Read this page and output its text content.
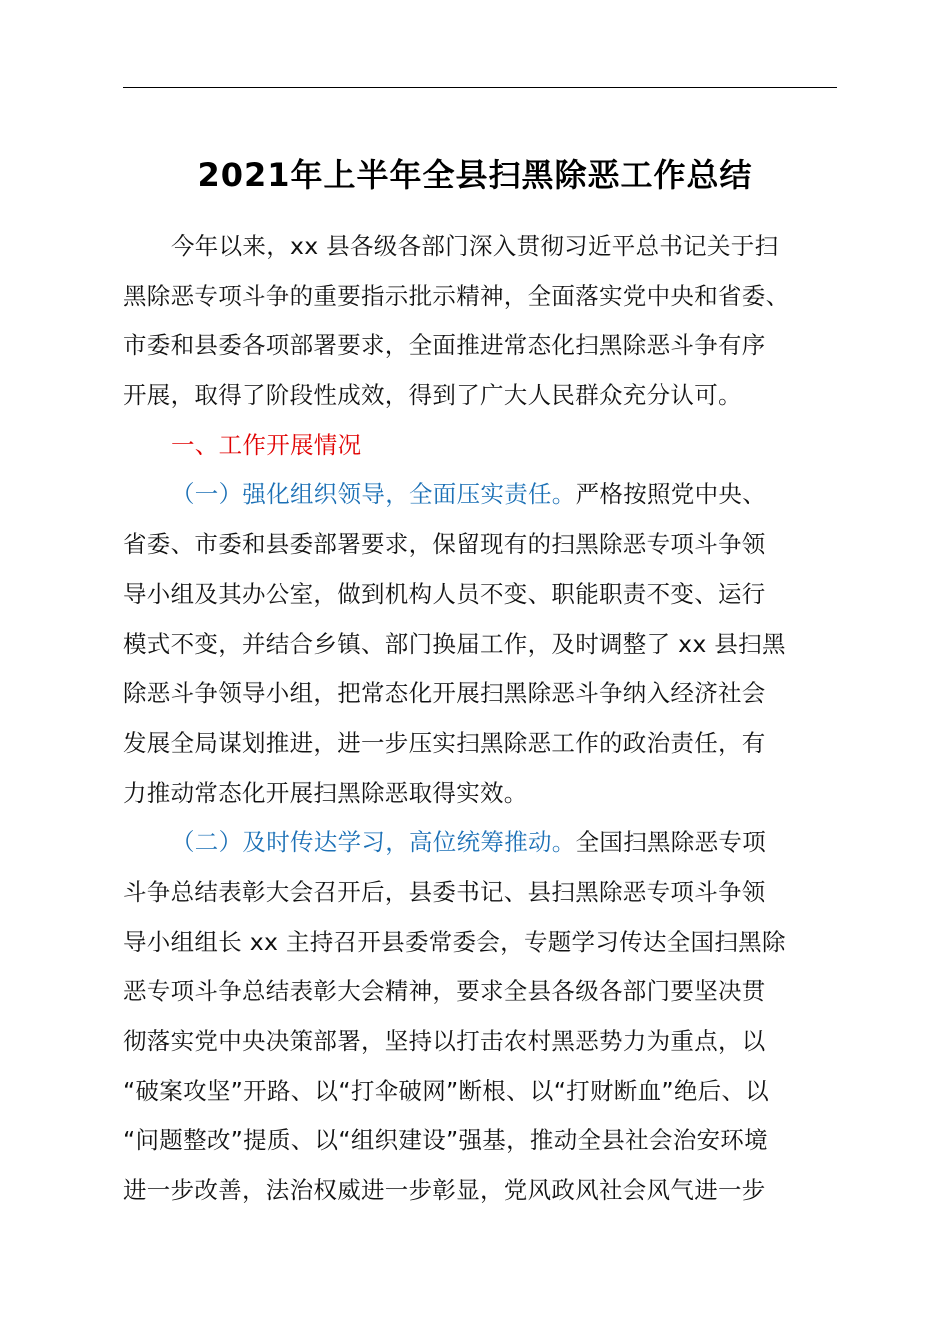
2021年上半年全县扫黑除恶工作总结
今年以来，xx 县各级各部门深入贯彻习近平总书记关于扫
黑除恶专项斗争的重要指示批示精神，全面落实党中央和省委、
市委和县委各项部署要求，全面推进常态化扫黑除恶斗争有序
开展，取得了阶段性成效，得到了广大人民群众充分认可。
一、工作开展情况
（一）强化组织领导，全面压实责任。严格按照党中央、
省委、市委和县委部署要求，保留现有的扫黑除恶专项斗争领
导小组及其办公室，做到机构人员不变、职能职责不变、运行
模式不变，并结合乡镇、部门换届工作，及时调整了 xx 县扫黑
除恶斗争领导小组，把常态化开展扫黑除恶斗争纳入经济社会
发展全局谋划推进，进一步压实扫黑除恶工作的政治责任，有
力推动常态化开展扫黑除恶取得实效。
（二）及时传达学习，高位统筹推动。全国扫黑除恶专项
斗争总结表彰大会召开后，县委书记、县扫黑除恶专项斗争领
导小组组长 xx 主持召开县委常委会，专题学习传达全国扫黑除
恶专项斗争总结表彰大会精神，要求全县各级各部门要坚决贯
彻落实党中央决策部署，坚持以打击农村黑恶势力为重点，以
“破案攻坚”开路、以“打伞破网”断根、以“打财断血”绝后、以
“问题整改”提质、以“组织建设”强基，推动全县社会治安环境
进一步改善，法治权威进一步彰显，党风政风社会风气进一步
